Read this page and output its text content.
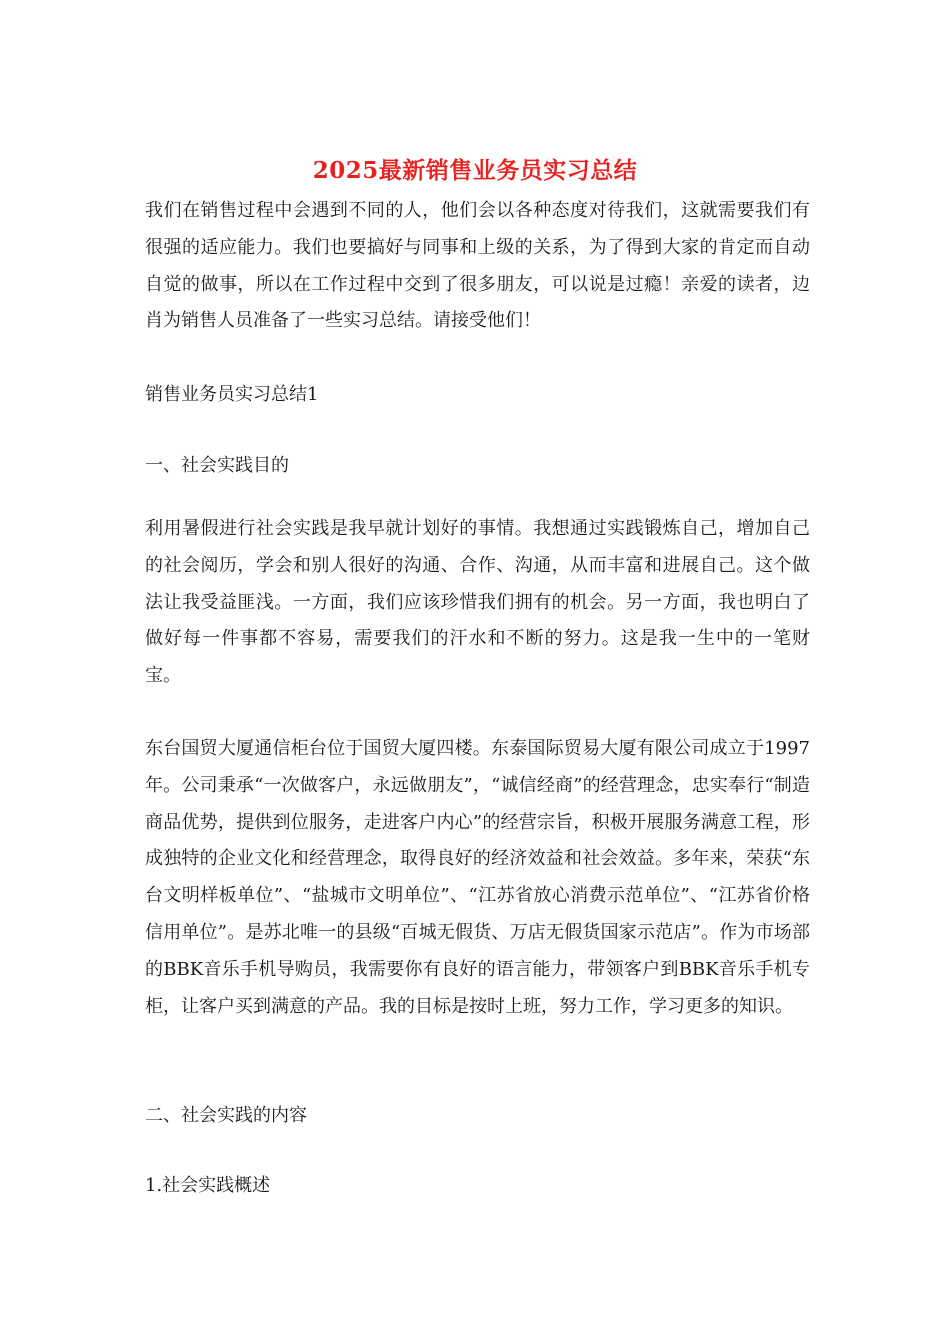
2025最新销售业务员实习总结

我们在销售过程中会遇到不同的人，他们会以各种态度对待我们，这就需要我们有很强的适应能力。我们也要搞好与同事和上级的关系，为了得到大家的肯定而自动自觉的做事，所以在工作过程中交到了很多朋友，可以说是过瘾！亲爱的读者，边肖为销售人员准备了一些实习总结。请接受他们！

销售业务员实习总结1

一、社会实践目的

利用暑假进行社会实践是我早就计划好的事情。我想通过实践锻炼自己，增加自己的社会阅历，学会和别人很好的沟通、合作、沟通，从而丰富和进展自己。这个做法让我受益匪浅。一方面，我们应该珍惜我们拥有的机会。另一方面，我也明白了做好每一件事都不容易，需要我们的汗水和不断的努力。这是我一生中的一笔财宝。

东台国贸大厦通信柜台位于国贸大厦四楼。东泰国际贸易大厦有限公司成立于1997年。公司秉承“一次做客户，永远做朋友”，“诚信经商”的经营理念，忠实奉行“制造商品优势，提供到位服务，走进客户内心”的经营宗旨，积极开展服务满意工程，形成独特的企业文化和经营理念，取得良好的经济效益和社会效益。多年来，荣获“东台文明样板单位”、“盐城市文明单位”、“江苏省放心消费示范单位”、“江苏省价格信用单位”。是苏北唯一的县级“百城无假货、万店无假货国家示范店”。作为市场部的BBK音乐手机导购员，我需要你有良好的语言能力，带领客户到BBK音乐手机专柜，让客户买到满意的产品。我的目标是按时上班，努力工作，学习更多的知识。

二、社会实践的内容

1.社会实践概述
